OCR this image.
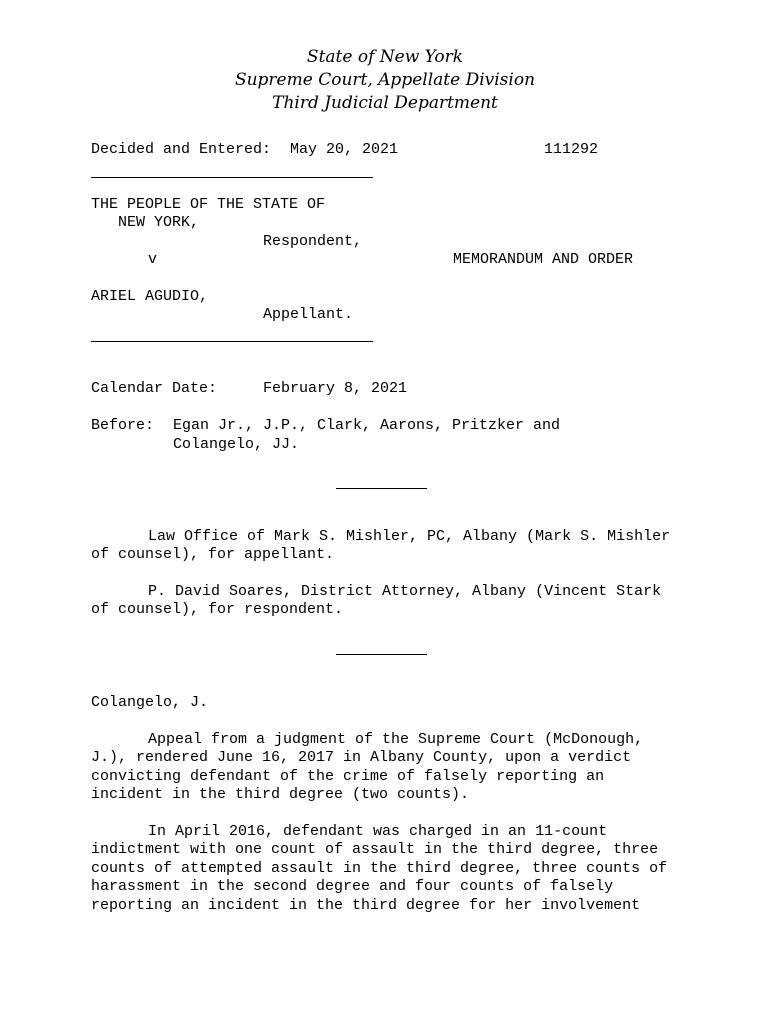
State of New York
Supreme Court, Appellate Division
Third Judicial Department
Decided and Entered: May 20, 2021	111292
THE PEOPLE OF THE STATE OF
NEW YORK,
Respondent,
v	MEMORANDUM AND ORDER
ARIEL AGUDIO,
Appellant.
Calendar Date:	February 8, 2021
Before: Egan Jr., J.P., Clark, Aarons, Pritzker and
Colangelo, JJ.
Law Office of Mark S. Mishler, PC, Albany (Mark S. Mishler
of counsel), for appellant.
P. David Soares, District Attorney, Albany (Vincent Stark
of counsel), for respondent.
Colangelo, J.
Appeal from a judgment of the Supreme Court (McDonough,
J.), rendered June 16, 2017 in Albany County, upon a verdict
convicting defendant of the crime of falsely reporting an
incident in the third degree (two counts).
In April 2016, defendant was charged in an 11-count
indictment with one count of assault in the third degree, three
counts of attempted assault in the third degree, three counts of
harassment in the second degree and four counts of falsely
reporting an incident in the third degree for her involvement
